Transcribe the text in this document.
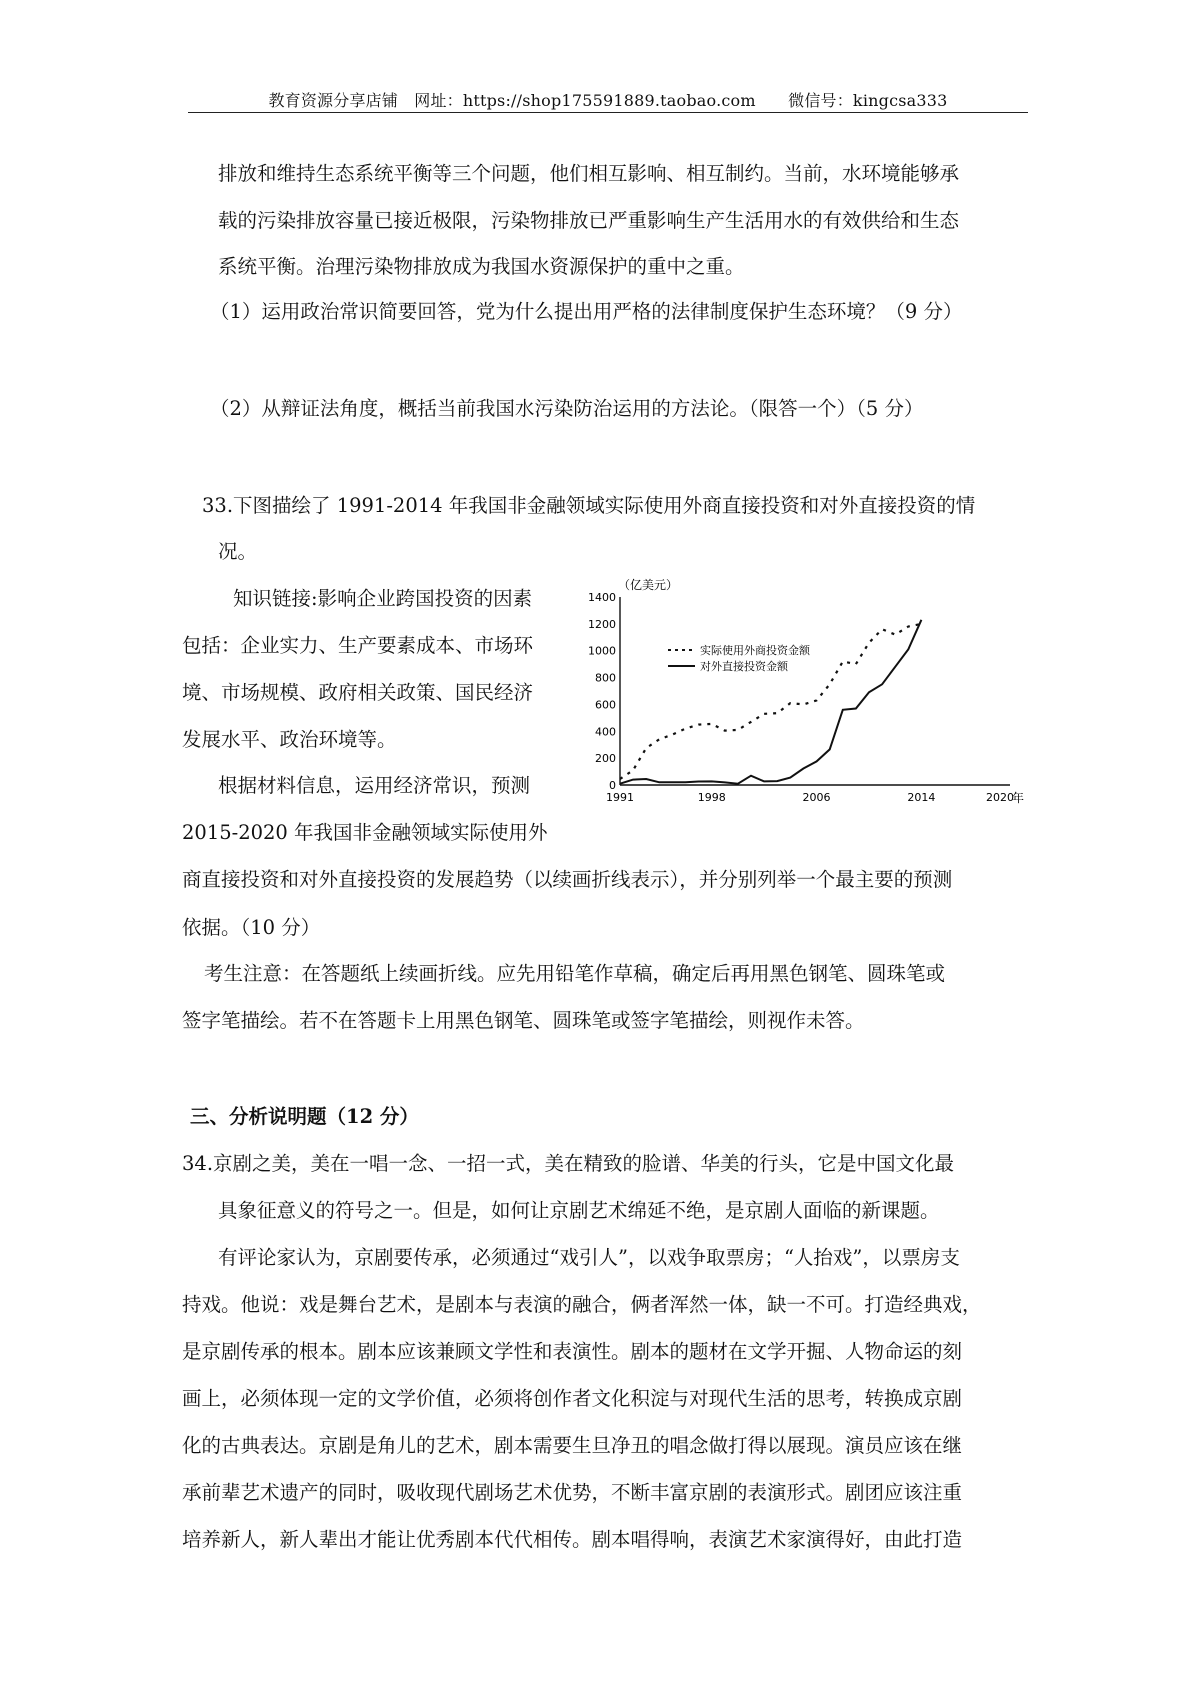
教育资源分享店铺　网址：https://shop175591889.taobao.com　　微信号：kingcsa333
排放和维持生态系统平衡等三个问题，他们相互影响、相互制约。当前，水环境能够承
载的污染排放容量已接近极限，污染物排放已严重影响生产生活用水的有效供给和生态
系统平衡。治理污染物排放成为我国水资源保护的重中之重。
（1）运用政治常识简要回答，党为什么提出用严格的法律制度保护生态环境？（9 分）
（2）从辩证法角度，概括当前我国水污染防治运用的方法论。（限答一个）（5 分）
33.下图描绘了 1991-2014 年我国非金融领域实际使用外商直接投资和对外直接投资的情
况。
知识链接:影响企业跨国投资的因素
包括：企业实力、生产要素成本、市场环
境、市场规模、政府相关政策、国民经济
发展水平、政治环境等。
根据材料信息，运用经济常识，预测
2015-2020 年我国非金融领域实际使用外
商直接投资和对外直接投资的发展趋势（以续画折线表示），并分别列举一个最主要的预测
依据。（10 分）
考生注意：在答题纸上续画折线。应先用铅笔作草稿，确定后再用黑色钢笔、圆珠笔或
签字笔描绘。若不在答题卡上用黑色钢笔、圆珠笔或签字笔描绘，则视作未答。
三、分析说明题（12 分）
34.京剧之美，美在一唱一念、一招一式，美在精致的脸谱、华美的行头，它是中国文化最
具象征意义的符号之一。但是，如何让京剧艺术绵延不绝，是京剧人面临的新课题。
有评论家认为，京剧要传承，必须通过“戏引人”，以戏争取票房；“人抬戏”，以票房支
持戏。他说：戏是舞台艺术，是剧本与表演的融合，俩者浑然一体，缺一不可。打造经典戏，
是京剧传承的根本。剧本应该兼顾文学性和表演性。剧本的题材在文学开掘、人物命运的刻
画上，必须体现一定的文学价值，必须将创作者文化积淀与对现代生活的思考，转换成京剧
化的古典表达。京剧是角儿的艺术，剧本需要生旦净丑的唱念做打得以展现。演员应该在继
承前辈艺术遗产的同时，吸收现代剧场艺术优势，不断丰富京剧的表演形式。剧团应该注重
培养新人，新人辈出才能让优秀剧本代代相传。剧本唱得响，表演艺术家演得好，由此打造
（亿美元）
0
200
400
600
800
1000
1200
1400
1991	1998	2006	2014	2020
年
实际使用外商投资金额
对外直接投资金额
